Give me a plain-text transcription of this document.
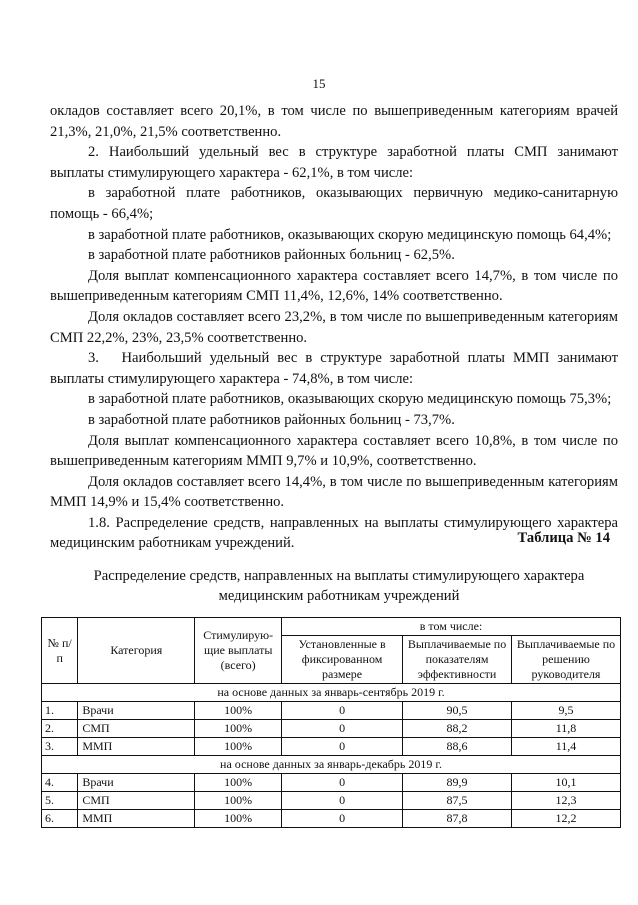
15

окладов составляет всего 20,1%, в том числе по вышеприведенным категориям врачей 21,3%, 21,0%, 21,5% соответственно.

2. Наибольший удельный вес в структуре заработной платы СМП занимают выплаты стимулирующего характера - 62,1%, в том числе:

в заработной плате работников, оказывающих первичную медико-санитарную помощь - 66,4%;

в заработной плате работников, оказывающих скорую медицинскую помощь 64,4%;

в заработной плате работников районных больниц - 62,5%.

Доля выплат компенсационного характера составляет всего 14,7%, в том числе по вышеприведенным категориям СМП 11,4%, 12,6%, 14% соответственно.

Доля окладов составляет всего 23,2%, в том числе по вышеприведенным категориям СМП 22,2%, 23%, 23,5% соответственно.

3.  Наибольший удельный вес в структуре заработной платы ММП занимают выплаты стимулирующего характера - 74,8%, в том числе:

в заработной плате работников, оказывающих скорую медицинскую помощь 75,3%;

в заработной плате работников районных больниц - 73,7%.

Доля выплат компенсационного характера составляет всего 10,8%, в том числе по вышеприведенным категориям ММП 9,7% и 10,9%, соответственно.

Доля окладов составляет всего 14,4%, в том числе по вышеприведенным категориям ММП 14,9% и 15,4% соответственно.

1.8. Распределение средств, направленных на выплаты стимулирующего характера медицинским работникам учреждений.	Таблица № 14
Распределение средств, направленных на выплаты стимулирующего характера
медицинским работникам учреждений
№ п/п	Категория	Стимулирую-щие выплаты (всего)	в том числе:		
			Установленные в фиксированном размере	Выплачиваемые по показателям эффективности	Выплачиваемые по решению руководителя
на основе данных за январь-сентябрь 2019 г.					
1.	Врачи	100%	0	90,5	9,5
2.	СМП	100%	0	88,2	11,8
3.	ММП	100%	0	88,6	11,4
на основе данных за январь-декабрь 2019 г.					
4.	Врачи	100%	0	89,9	10,1
5.	СМП	100%	0	87,5	12,3
6.	ММП	100%	0	87,8	12,2
